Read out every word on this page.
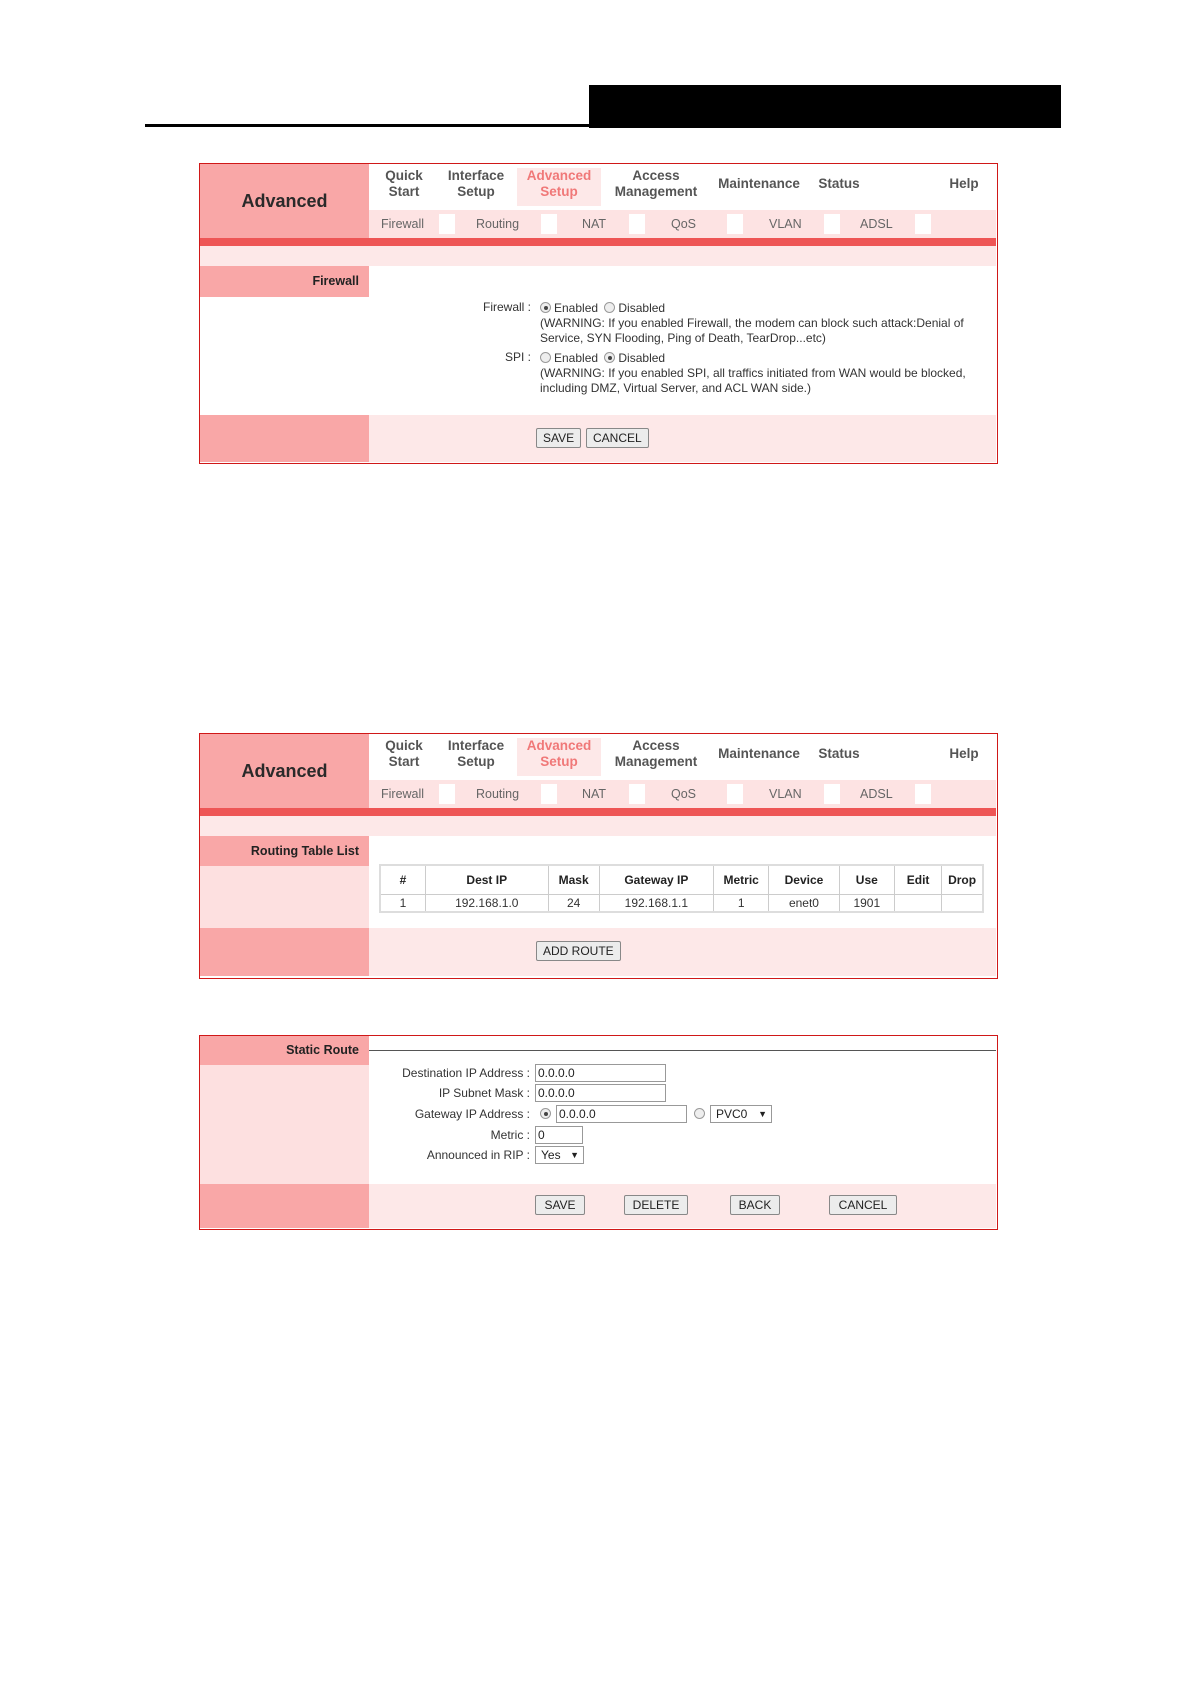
Advanced
Quick
Start
Interface
Setup
Advanced
Setup
Access
Management
Maintenance	Status	Help
Firewall	Routing	NAT	QoS	VLAN	ADSL
Firewall
Firewall :	Enabled Disabled
(WARNING: If you enabled Firewall, the modem can block such attack:Denial of
Service, SYN Flooding, Ping of Death, TearDrop...etc)
SPI :	Enabled Disabled
(WARNING: If you enabled SPI, all traffics initiated from WAN would be blocked,
including DMZ, Virtual Server, and ACL WAN side.)
SAVE	CANCEL
Advanced
Quick
Start
Interface
Setup
Advanced
Setup
Access
Management
Maintenance	Status	Help
Firewall	Routing	NAT	QoS	VLAN	ADSL
Routing Table List
#	Dest IP	Mask	Gateway IP	Metric	Device	Use	Edit	Drop
1	192.168.1.0	24	192.168.1.1	1	enet0	1901		
ADD ROUTE
Static Route
Destination IP Address : 0.0.0.0
IP Subnet Mask : 0.0.0.0
Gateway IP Address : 0.0.0.0	PVC0 ▼
Metric : 0
Announced in RIP : Yes ▼
SAVE	DELETE	BACK	CANCEL
